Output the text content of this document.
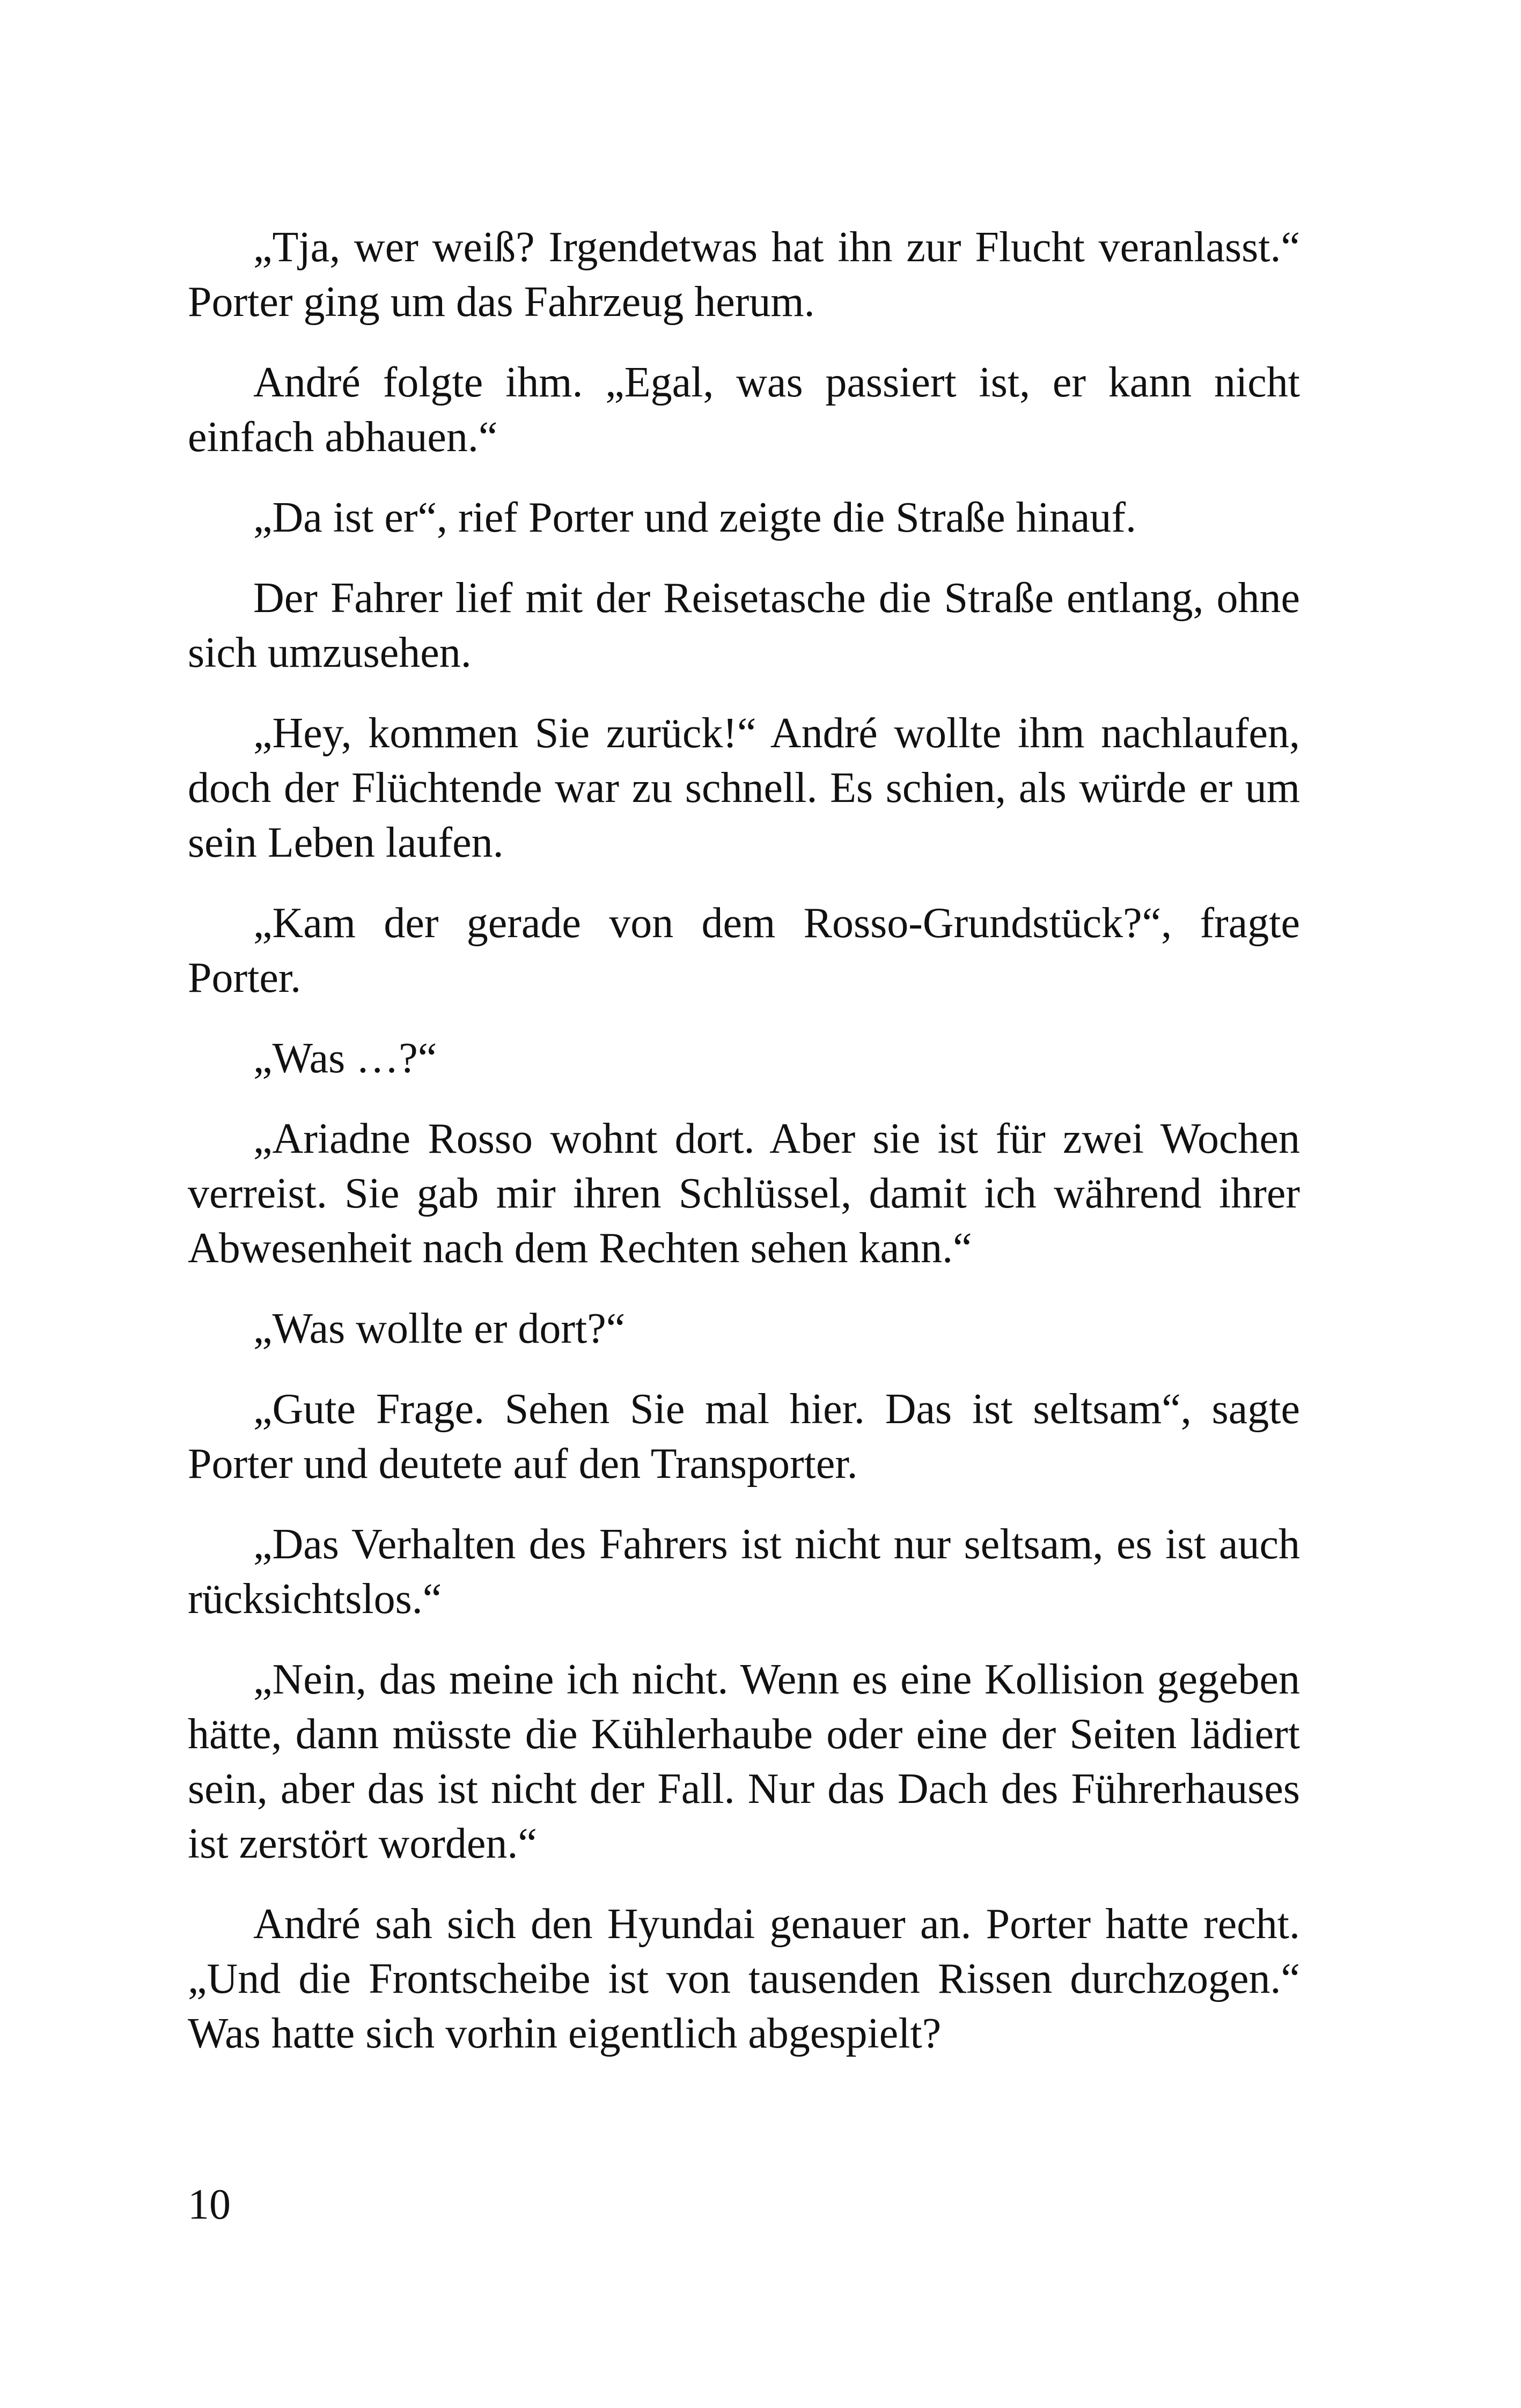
„Tja, wer weiß? Irgendetwas hat ihn zur Flucht veranlasst.“ Porter ging um das Fahrzeug herum.

André folgte ihm. „Egal, was passiert ist, er kann nicht einfach abhauen.“

„Da ist er“, rief Porter und zeigte die Straße hinauf.

Der Fahrer lief mit der Reisetasche die Straße entlang, ohne sich umzusehen.

„Hey, kommen Sie zurück!“ André wollte ihm nachlaufen, doch der Flüchtende war zu schnell. Es schien, als würde er um sein Leben laufen.

„Kam der gerade von dem Rosso-Grundstück?“, fragte Porter.

„Was …?“

„Ariadne Rosso wohnt dort. Aber sie ist für zwei Wochen verreist. Sie gab mir ihren Schlüssel, damit ich während ihrer Abwesenheit nach dem Rechten sehen kann.“

„Was wollte er dort?“

„Gute Frage. Sehen Sie mal hier. Das ist seltsam“, sagte Porter und deutete auf den Transporter.

„Das Verhalten des Fahrers ist nicht nur seltsam, es ist auch rücksichtslos.“

„Nein, das meine ich nicht. Wenn es eine Kollision gegeben hätte, dann müsste die Kühlerhaube oder eine der Seiten lädiert sein, aber das ist nicht der Fall. Nur das Dach des Führerhauses ist zerstört worden.“

André sah sich den Hyundai genauer an. Porter hatte recht. „Und die Frontscheibe ist von tausenden Rissen durchzogen.“ Was hatte sich vorhin eigentlich abgespielt?

10
